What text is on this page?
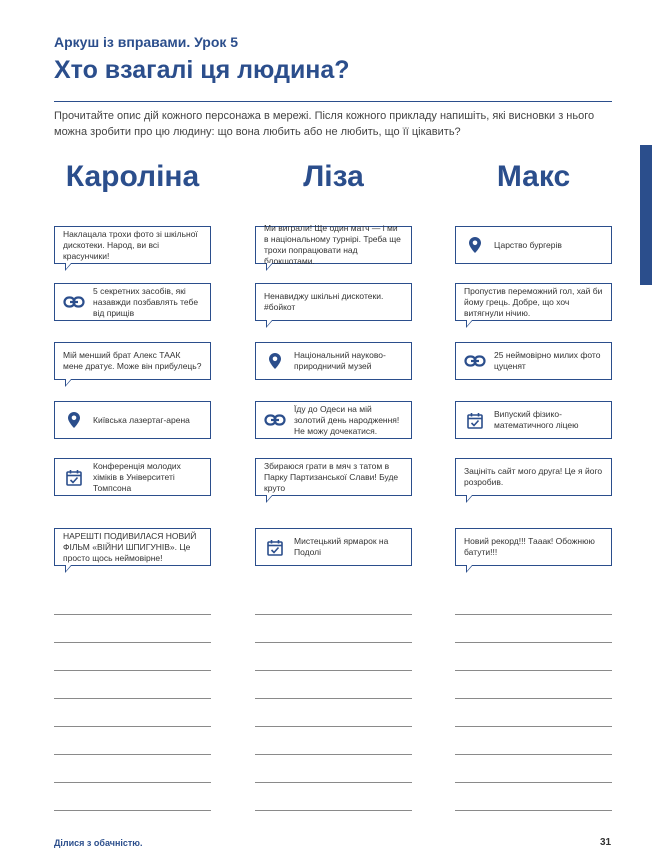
Аркуш із вправами. Урок 5
Хто взагалі ця людина?
Прочитайте опис дій кожного персонажа в мережі. Після кожного прикладу напишіть, які висновки з нього можна зробити про цю людину: що вона любить або не любить, що її цікавить?
Кароліна
Наклацала трохи фото зі шкільної дискотеки. Народ, ви всі красунчики!
5 секретних засобів, які назавжди позбавлять тебе від прищів
Мій менший брат Алекс ТААК мене дратує. Може він прибулець?
Київська лазертаг-арена
Конференція молодих хіміків в Університеті Томпсона
НАРЕШТІ ПОДИВИЛАСЯ НОВИЙ ФІЛЬМ «ВІЙНИ ШПИГУНІВ». Це просто щось неймовірне!
Ліза
Ми виграли! Ще один матч — і ми в національному турнірі. Треба ще трохи попрацювати над блокшотами.
Ненавиджу шкільні дискотеки. #бойкот
Національний науково-природничий музей
Їду до Одеси на мій золотий день народження! Не можу дочекатися.
Збираюся грати в мяч з татом в Парку Партизанської Слави! Буде круто
Мистецький ярмарок на Подолі
Макс
Царство бургерів
Пропустив переможний гол, хай би йому грець. Добре, що хоч витягнули нічию.
25 неймовірно милих фото цуценят
Випуский фізико-математичного ліцею
Зацініть сайт мого друга! Це я його розробив.
Новий рекорд!!! Тааак! Обожнюю батути!!!
Ділися з обачністю.	31
